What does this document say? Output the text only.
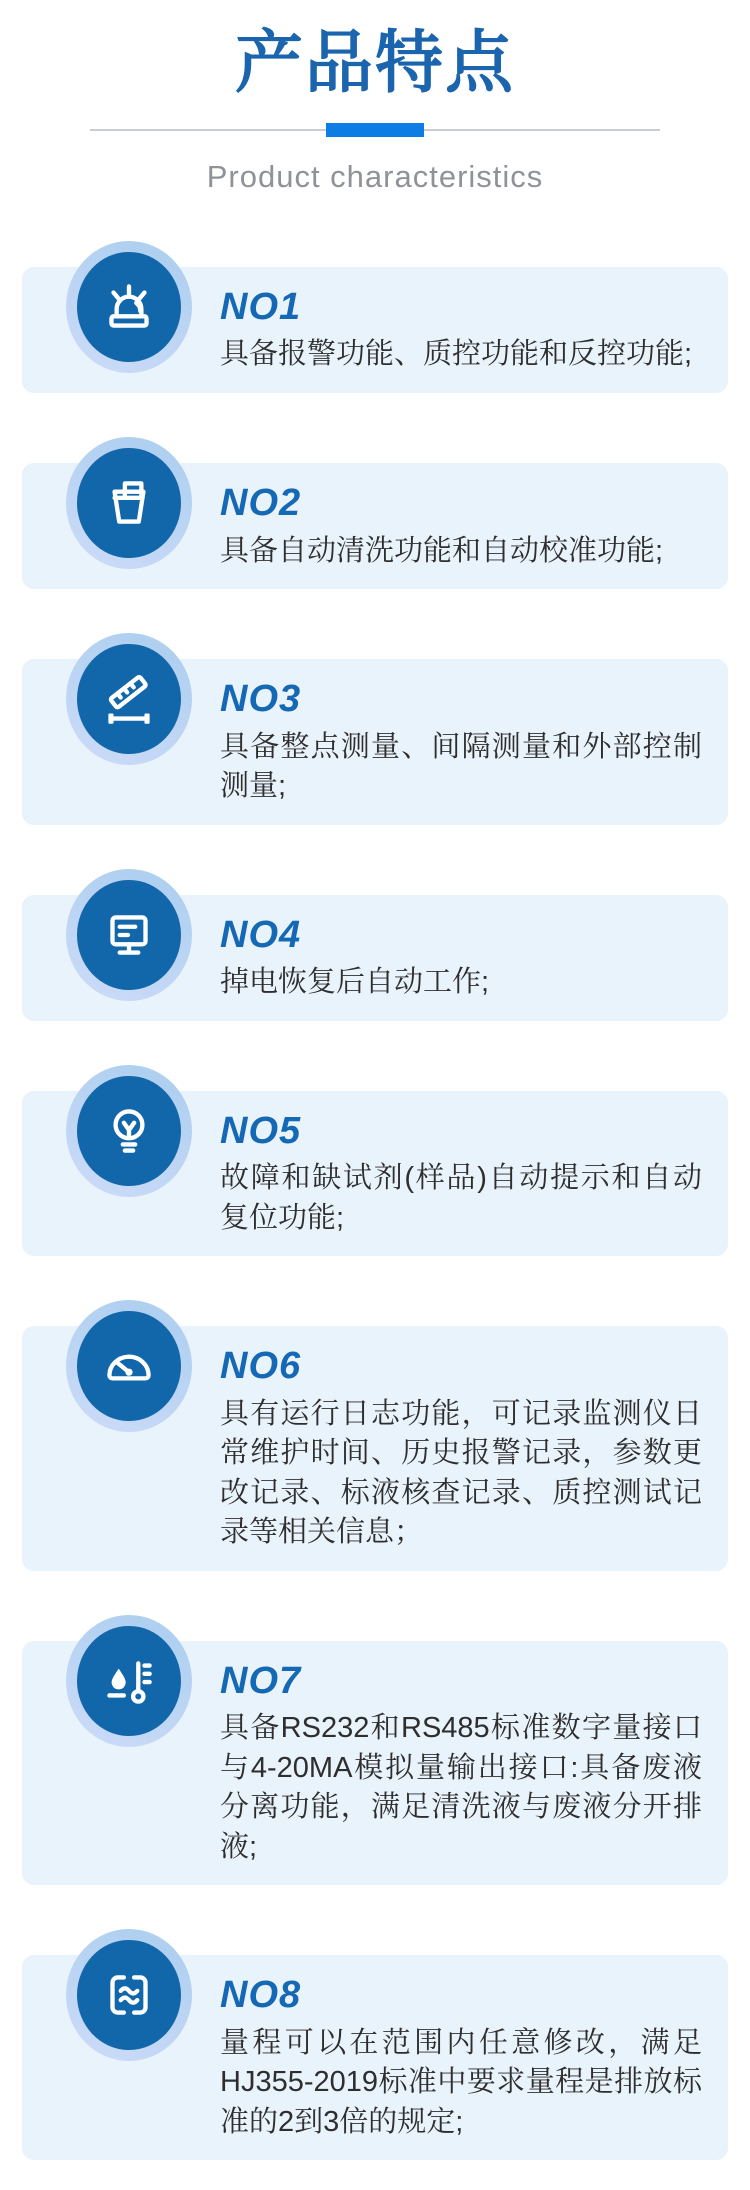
产品特点
Product characteristics
NO1
具备报警功能、质控功能和反控功能;
NO2
具备自动清洗功能和自动校准功能;
NO3
具备整点测量、间隔测量和外部控制测量;
NO4
掉电恢复后自动工作;
NO5
故障和缺试剂(样品)自动提示和自动复位功能;
NO6
具有运行日志功能，可记录监测仪日常维护时间、历史报警记录，参数更改记录、标液核查记录、质控测试记录等相关信息；
NO7
具备RS232和RS485标准数字量接口与4-20MA模拟量输出接口:具备废液分离功能，满足清洗液与废液分开排液;
NO8
量程可以在范围内任意修改，满足HJ355-2019标准中要求量程是排放标准的2到3倍的规定;
